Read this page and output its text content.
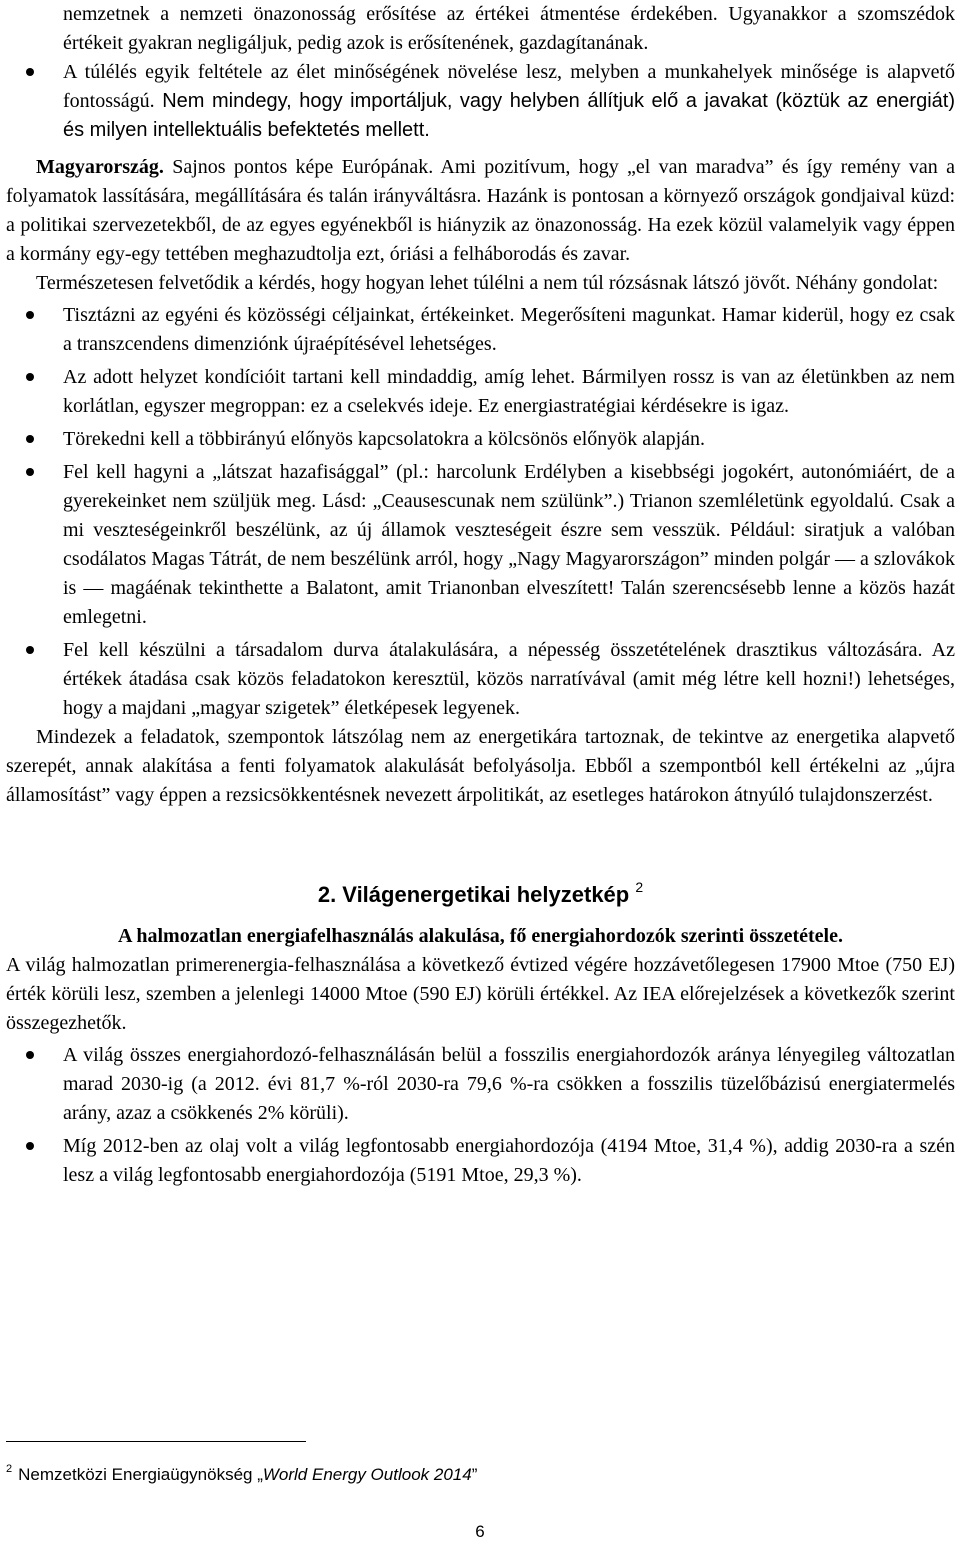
nemzetnek a nemzeti önazonosság erősítése az értékei átmentése érdekében. Ugyanakkor a szomszédok értékeit gyakran negligáljuk, pedig azok is erősítenének, gazdagítanának.

A túlélés egyik feltétele az élet minőségének növelése lesz, melyben a munkahelyek minősége is alapvető fontosságú. Nem mindegy, hogy importáljuk, vagy helyben állítjuk elő a javakat (köztük az energiát) és milyen intellektuális befektetés mellett.

Magyarország. Sajnos pontos képe Európának. Ami pozitívum, hogy „el van maradva” és így remény van a folyamatok lassítására, megállítására és talán irányváltásra. Hazánk is pontosan a környező országok gondjaival küzd: a politikai szervezetekből, de az egyes egyénekből is hiányzik az önazonosság. Ha ezek közül valamelyik vagy éppen a kormány egy-egy tettében meghazudtolja ezt, óriási a felháborodás és zavar.

Természetesen felvetődik a kérdés, hogy hogyan lehet túlélni a nem túl rózsásnak látszó jövőt. Néhány gondolat:

Tisztázni az egyéni és közösségi céljainkat, értékeinket. Megerősíteni magunkat. Hamar kiderül, hogy ez csak a transzcendens dimenziónk újraépítésével lehetséges.
Az adott helyzet kondícióit tartani kell mindaddig, amíg lehet. Bármilyen rossz is van az életünkben az nem korlátlan, egyszer megroppan: ez a cselekvés ideje. Ez energiastratégiai kérdésekre is igaz.
Törekedni kell a többirányú előnyös kapcsolatokra a kölcsönös előnyök alapján.
Fel kell hagyni a „látszat hazafisággal” (pl.: harcolunk Erdélyben a kisebbségi jogokért, autonómiáért, de a gyerekeinket nem szüljük meg. Lásd: „Ceausescunak nem szülünk”.) Trianon szemléletünk egyoldalú. Csak a mi veszteségeinkről beszélünk, az új államok veszteségeit észre sem vesszük. Például: siratjuk a valóban csodálatos Magas Tátrát, de nem beszélünk arról, hogy „Nagy Magyarországon” minden polgár — a szlovákok is — magáénak tekinthette a Balatont, amit Trianonban elveszített! Talán szerencsésebb lenne a közös hazát emlegetni.
Fel kell készülni a társadalom durva átalakulására, a népesség összetételének drasztikus változására. Az értékek átadása csak közös feladatokon keresztül, közös narratívával (amit még létre kell hozni!) lehetséges, hogy a majdani „magyar szigetek” életképesek legyenek.

Mindezek a feladatok, szempontok látszólag nem az energetikára tartoznak, de tekintve az energetika alapvető szerepét, annak alakítása a fenti folyamatok alakulását befolyásolja. Ebből a szempontból kell értékelni az „újra államosítást” vagy éppen a rezsicsökkentésnek nevezett árpolitikát, az esetleges határokon átnyúló tulajdonszerzést.

2. Világenergetikai helyzetkép $^2$

A halmozatlan energiafelhasználás alakulása, fő energiahordozók szerinti összetétele.

A világ halmozatlan primerenergia-felhasználása a következő évtized végére hozzávetőlegesen 17900 Mtoe (750 EJ) érték körüli lesz, szemben a jelenlegi 14000 Mtoe (590 EJ) körüli értékkel. Az IEA előrejelzések a következők szerint összegezhetők.

A világ összes energiahordozó-felhasználásán belül a fosszilis energiahordozók aránya lényegileg változatlan marad 2030-ig (a 2012. évi 81,7 %-ról 2030-ra 79,6 %-ra csökken a fosszilis tüzelőbázisú energiatermelés arány, azaz a csökkenés 2% körüli).
Míg 2012-ben az olaj volt a világ legfontosabb energiahordozója (4194 Mtoe, 31,4 %), addig 2030-ra a szén lesz a világ legfontosabb energiahordozója (5191 Mtoe, 29,3 %).
$^2$ Nemzetközi Energiaügynökség „World Energy Outlook 2014”
6
